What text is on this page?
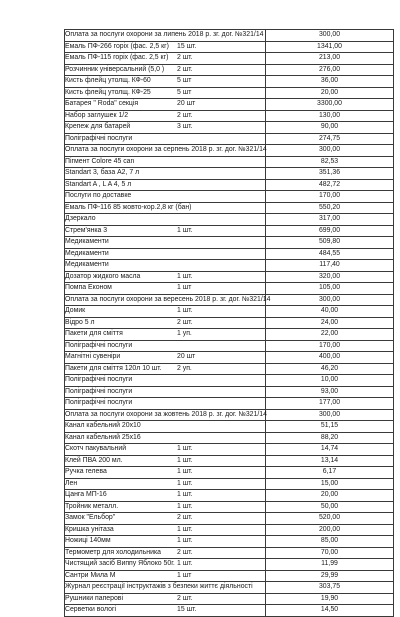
Оплата за послуги охорони за липень 2018 р. зг. дог. №321/14	300,00
Емаль ПФ-266 горіх (фас. 2,5 кг) 15 шт.	1341,00
Емаль ПФ-115 горіх (фас. 2,5 кг) 2 шт.	213,00
Розчинник універсальний (5,0 ) 2 шт.	276,00
Кисть флейц утолщ. КФ-60 5 шт	36,00
Кисть флейц утолщ. КФ-25 5 шт	20,00
Батарея " Roda" секція 20 шт	3300,00
Набор заглушек 1/2 2 шт.	130,00
Крепеж для батарей 3 шт.	90,00
Поліграфічні послуги	274,75
Оплата за послуги охорони за серпень 2018 р. зг. дог. №321/14	300,00
Пігмент Colore 45 can	82,53
Standart 3, база А2, 7 л	351,36
Standart A , L A 4, 5 л	482,72
Послуги по доставке	170,00
Емаль ПФ-116 85 жовто-кор.2,8 кг (бан)	550,20
Дзеркало	317,00
Стрем'янка 3 1 шт.	699,00
Медикаменти	509,80
Медикаменти	484,55
Медикаменти	117,40
Дозатор жидкого масла 1 шт.	320,00
Помпа Економ 1 шт	105,00
Оплата за послуги охорони за вересень 2018 р. зг. дог. №321/14	300,00
Домик 1 шт.	40,00
Відро 5 л 2 шт.	24,00
Пакети для сміття 1 уп.	22,00
Поліграфічні послуги	170,00
Магнітні сувеніри 20 шт	400,00
Пакети для сміття 120л 10 шт. 2 уп.	46,20
Поліграфічні послуги	10,00
Поліграфічні послуги	93,00
Поліграфічні послуги	177,00
Оплата за послуги охорони за жовтень 2018 р. зг. дог. №321/14	300,00
Канал кабельний 20х10	51,15
Канал кабельний 25х16	88,20
Скотч пакувальний 1 шт.	14,74
Клей ПВА 200 мл. 1 шт.	13,14
Ручка гелева 1 шт.	6,17
Лен 1 шт.	15,00
Цанга МП-16 1 шт.	20,00
Тройник металл. 1 шт.	50,00
Замок "Ельбор" 2 шт.	520,00
Кришка унітаза 1 шт.	200,00
Ножиці 140мм 1 шт.	85,00
Термометр для холодильника 2 шт.	70,00
Чистящий засіб Виппу Яблоко 50г. 1 шт.	11,99
Сантри Мила М 1 шт	29,99
Журнал реєстрації інструктажів з безпеки життє діяльності	303,75
Рушники паперові 2 шт.	19,90
Серветки вологі 15 шт.	14,50
